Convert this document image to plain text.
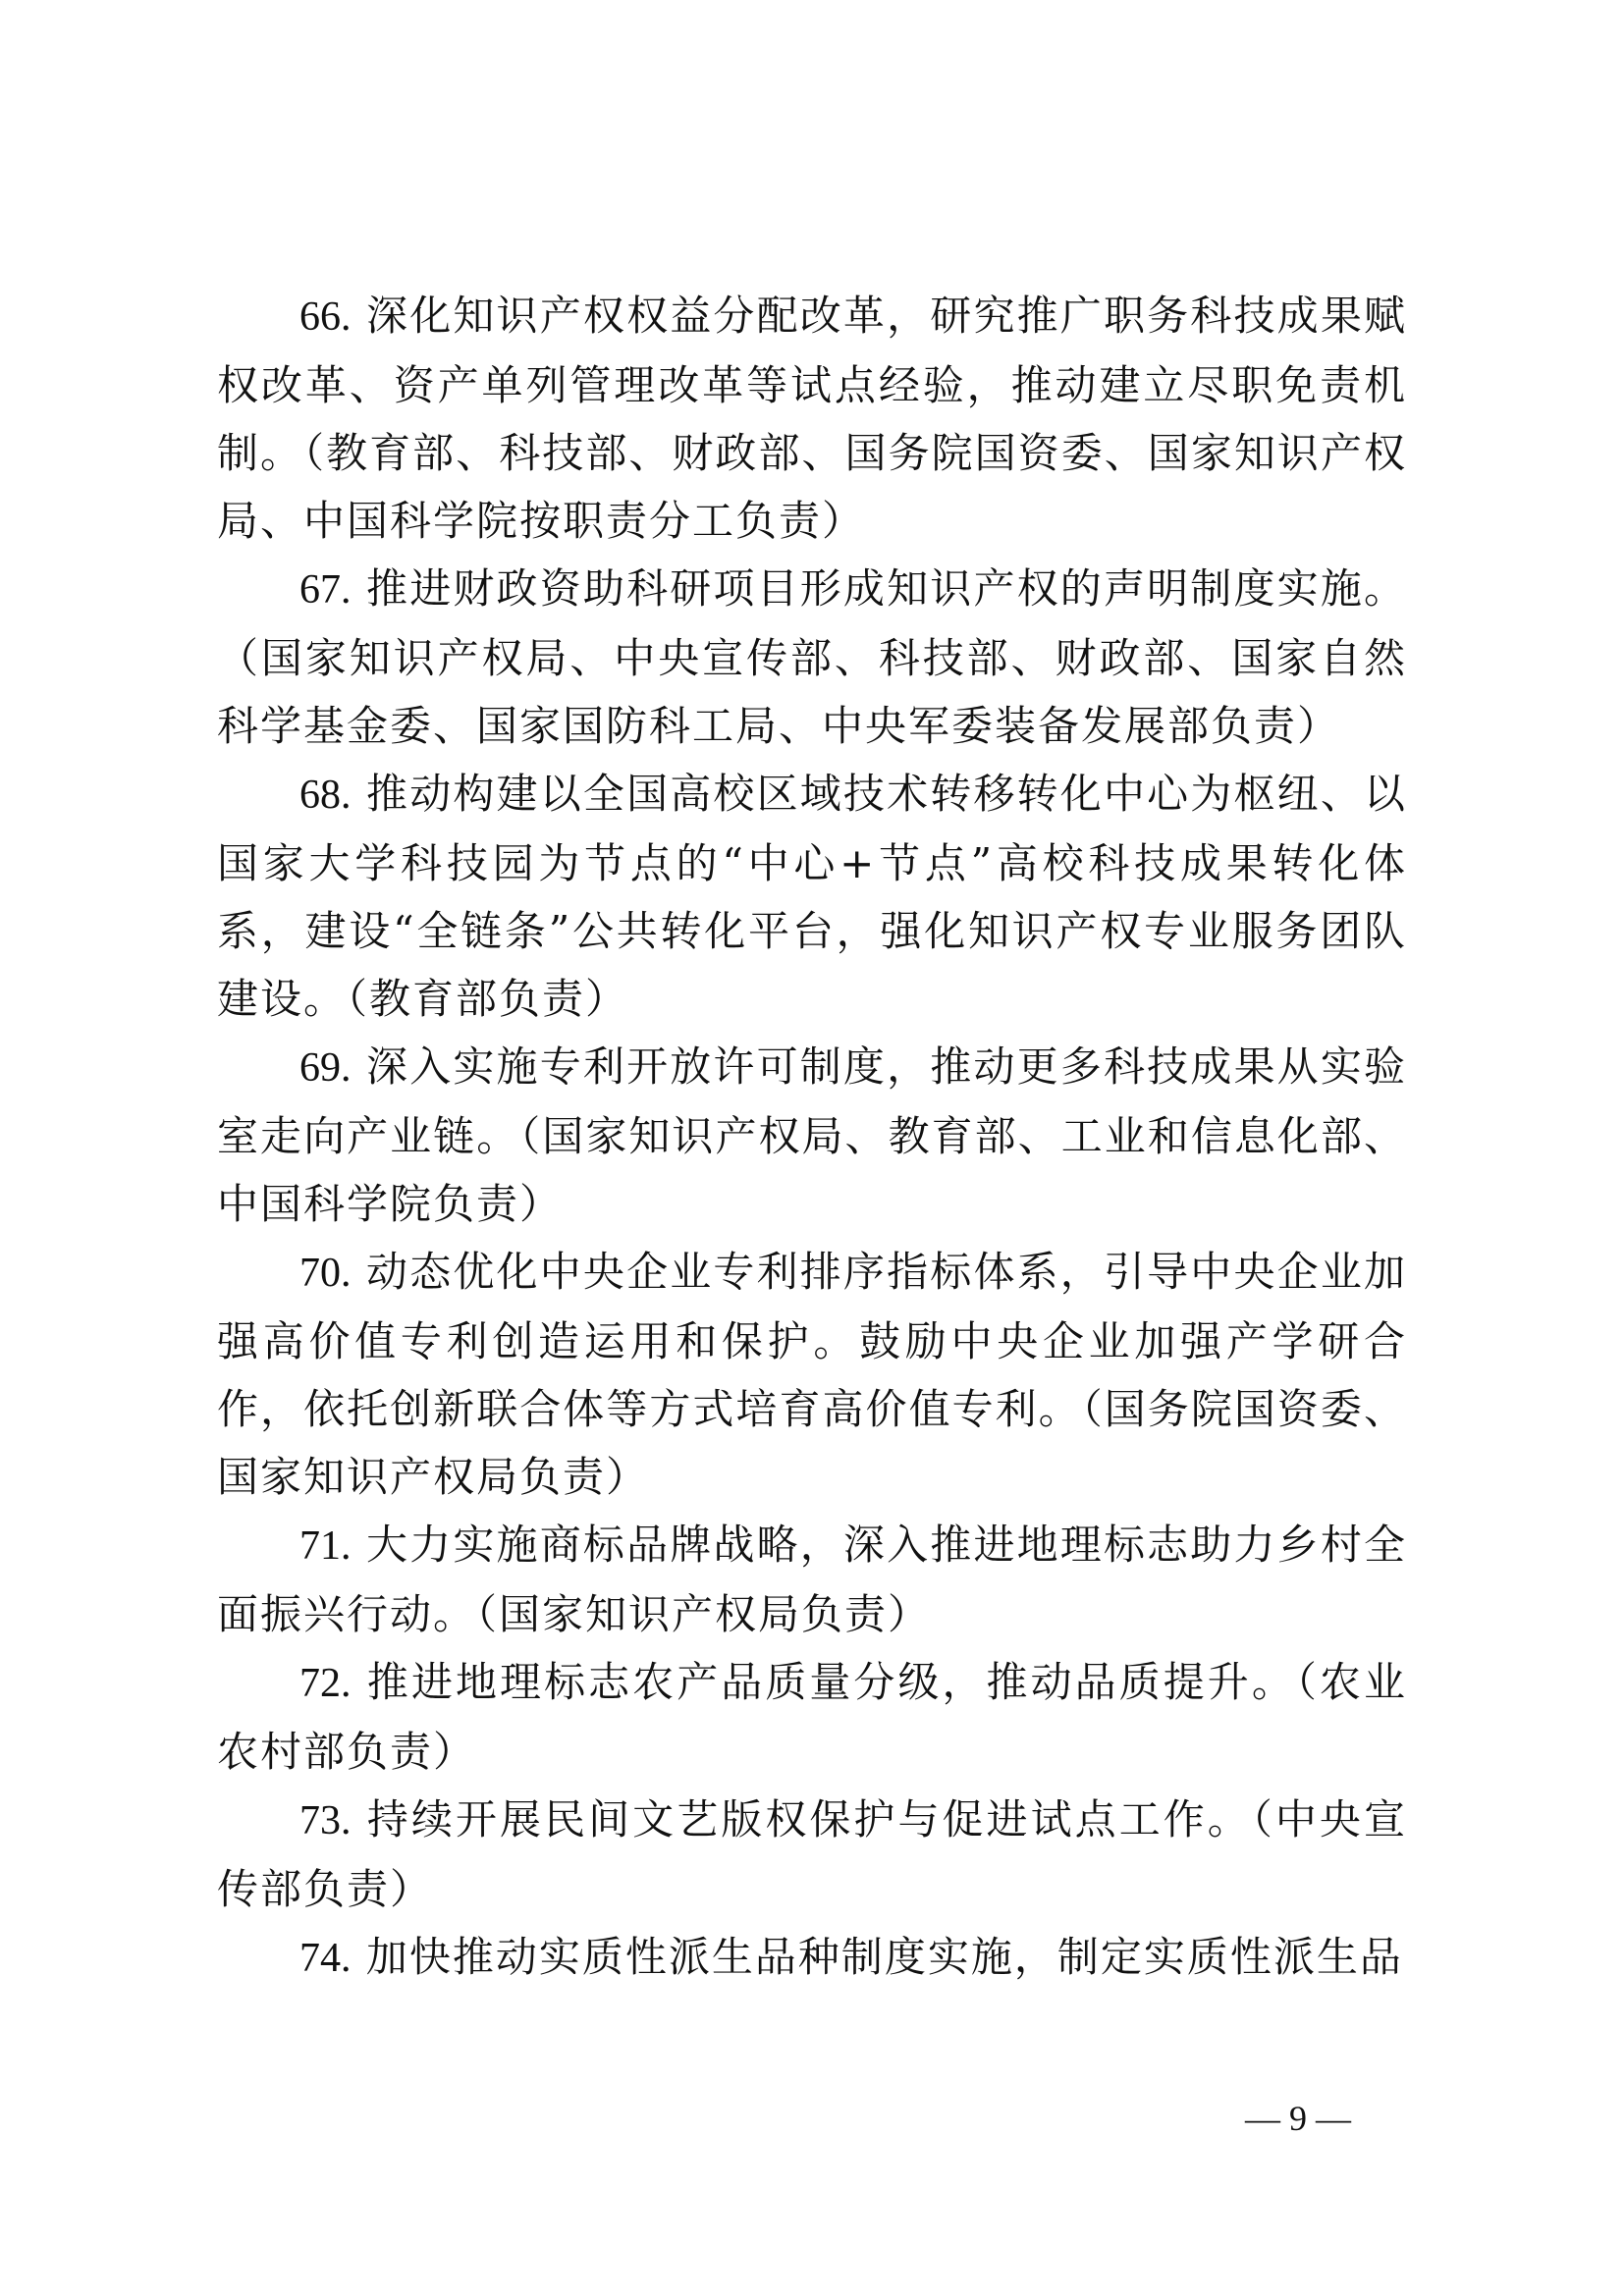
66. 深化知识产权权益分配改革，研究推广职务科技成果赋权改革、资产单列管理改革等试点经验，推动建立尽职免责机制。（教育部、科技部、财政部、国务院国资委、国家知识产权局、中国科学院按职责分工负责）

67. 推进财政资助科研项目形成知识产权的声明制度实施。（国家知识产权局、中央宣传部、科技部、财政部、国家自然科学基金委、国家国防科工局、中央军委装备发展部负责）

68. 推动构建以全国高校区域技术转移转化中心为枢纽、以国家大学科技园为节点的“中心+节点”高校科技成果转化体系，建设“全链条”公共转化平台，强化知识产权专业服务团队建设。（教育部负责）

69. 深入实施专利开放许可制度，推动更多科技成果从实验室走向产业链。（国家知识产权局、教育部、工业和信息化部、中国科学院负责）

70. 动态优化中央企业专利排序指标体系，引导中央企业加强高价值专利创造运用和保护。鼓励中央企业加强产学研合作，依托创新联合体等方式培育高价值专利。（国务院国资委、国家知识产权局负责）

71. 大力实施商标品牌战略，深入推进地理标志助力乡村全面振兴行动。（国家知识产权局负责）

72. 推进地理标志农产品质量分级，推动品质提升。（农业农村部负责）

73. 持续开展民间文艺版权保护与促进试点工作。（中央宣传部负责）

74. 加快推动实质性派生品种制度实施，制定实质性派生品

— 9 —
